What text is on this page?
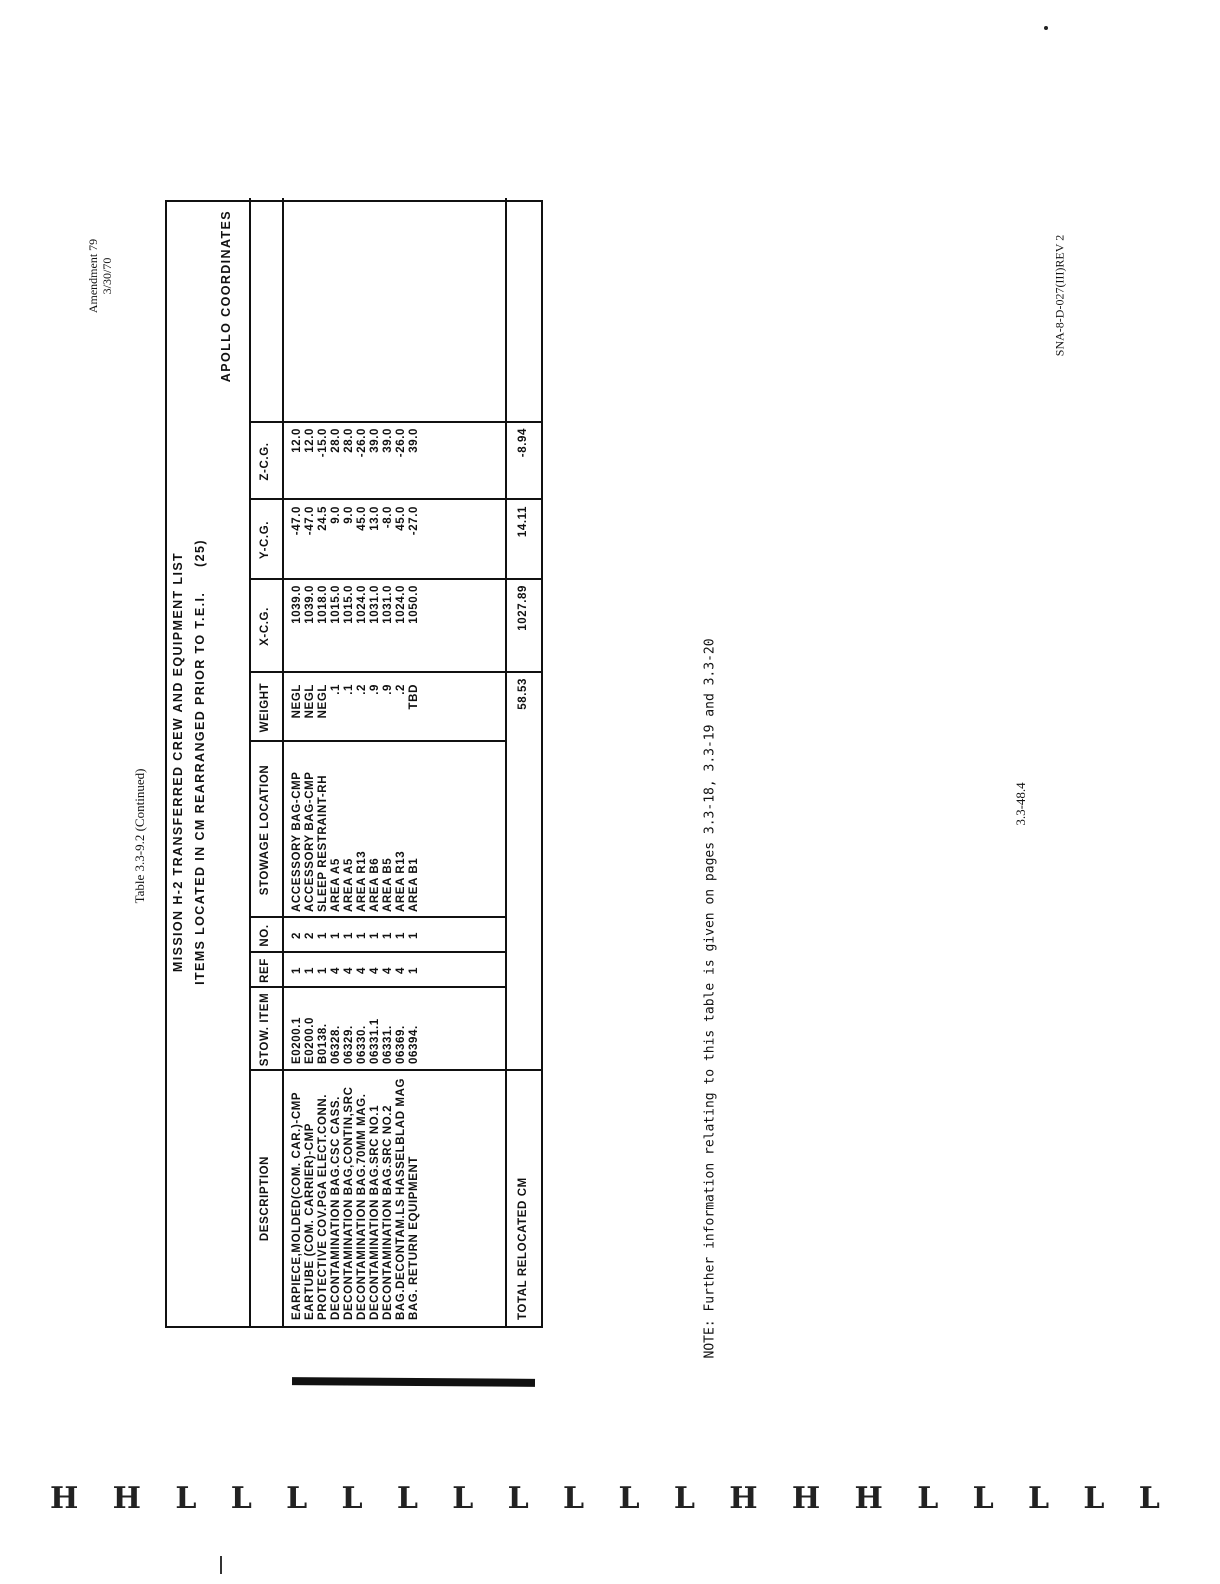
Amendment 79 3/30/70
Table 3.3-9.2 (Continued) MISSION H-2 TRANSFERRED CREW AND EQUIPMENT LIST ITEMS LOCATED IN CM REARRANGED PRIOR TO T.E.I. (25)
APOLLO COORDINATES
DESCRIPTION
STOW. ITEM
REF
NO.
STOWAGE LOCATION
WEIGHT
X-C.G.
Y-C.G.
Z-C.G.
EARPIECE,MOLDED(COM. CAR.)-CMP EARTUBE (COM. CARRIER)-CMP PROTECTIVE COV.PGA ELECT.CONN. DECONTAMINATION BAG.CSC CASS. DECONTAMINATION BAG,CONTIN,SRC DECONTAMINATION BAG.70MM MAG. DECONTAMINATION BAG.SRC NO.1 DECONTAMINATION BAG.SRC NO.2 BAG.DECONTAM.LS HASSELBLAD MAG BAG. RETURN EQUIPMENT
E0200.1 E0200.0 B0138. 06328. 06329. 06330. 06331.1 06331. 06369. 06394.
1 1 1 4 4 4 4 4 4 1
2 2 1 1 1 1 1 1 1 1
ACCESSORY BAG-CMP ACCESSORY BAG-CMP SLEEP RESTRAINT-RH AREA A5 AREA A5 AREA R13 AREA B6 AREA B5 AREA R13 AREA B1
NEGL NEGL NEGL .1 .1 .2 .9 .9 .2 TBD
1039.0 1039.0 1018.0 1015.0 1015.0 1024.0 1031.0 1031.0 1024.0 1050.0
-47.0 -47.0 24.5 9.0 9.0 45.0 13.0 -8.0 45.0 -27.0
12.0 12.0 -15.0 28.0 28.0 -26.0 39.0 39.0 -26.0 39.0
TOTAL RELOCATED CM
58.53
1027.89
14.11
-8.94
NOTE: Further information relating to this table is given on pages 3.3-18, 3.3-19 and 3.3-20	3.3-48.4
SNA-8-D-027(III)REV 2
H H L L L L L L L L L L H H H L L L L L
